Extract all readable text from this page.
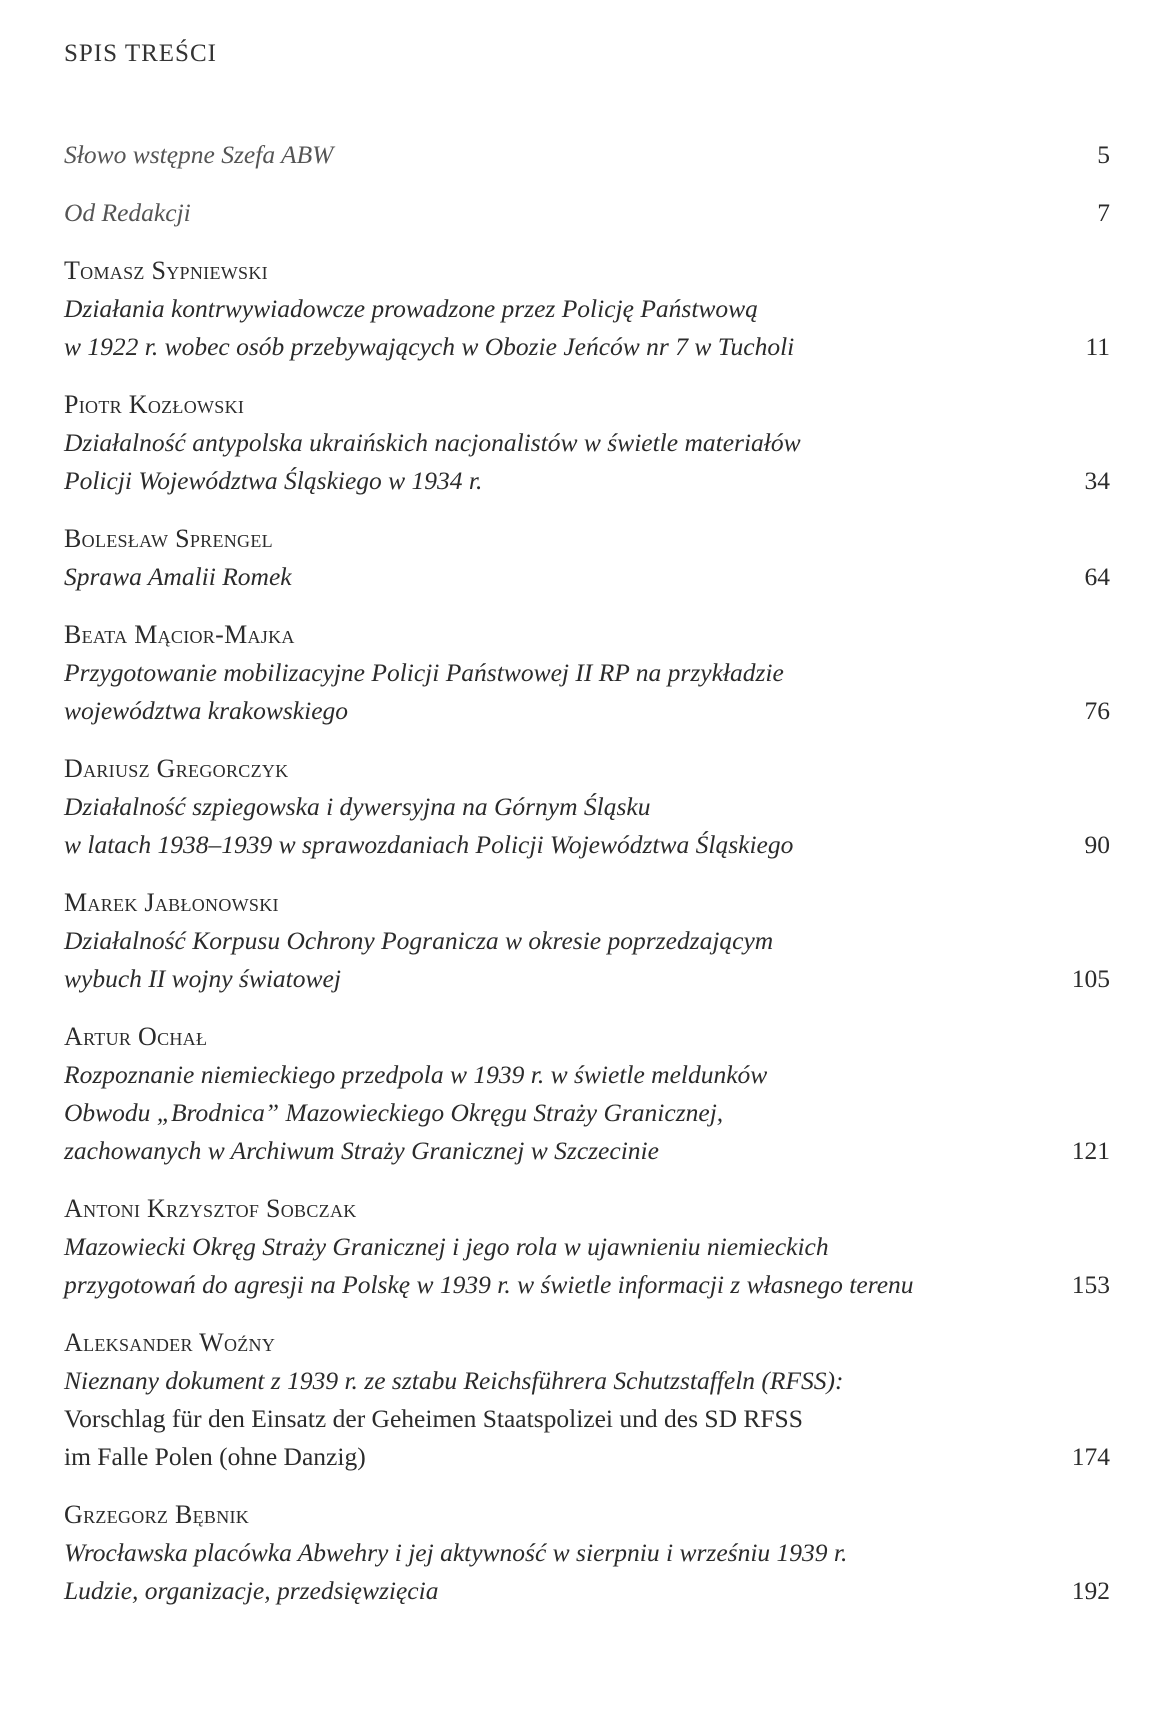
SPIS TREŚCI
Słowo wstępne Szefa ABW	5
Od Redakcji	7
Tomasz Sypniewski
Działania kontrwywiadowcze prowadzone przez Policję Państwową
w 1922 r. wobec osób przebywających w Obozie Jeńców nr 7 w Tucholi	11
Piotr Kozłowski
Działalność antypolska ukraińskich nacjonalistów w świetle materiałów
Policji Województwa Śląskiego w 1934 r.	34
Bolesław Sprengel
Sprawa Amalii Romek	64
Beata Mącior-Majka
Przygotowanie mobilizacyjne Policji Państwowej II RP na przykładzie
województwa krakowskiego	76
Dariusz Gregorczyk
Działalność szpiegowska i dywersyjna na Górnym Śląsku
w latach 1938–1939 w sprawozdaniach Policji Województwa Śląskiego	90
Marek Jabłonowski
Działalność Korpusu Ochrony Pogranicza w okresie poprzedzającym
wybuch II wojny światowej	105
Artur Ochał
Rozpoznanie niemieckiego przedpola w 1939 r. w świetle meldunków
Obwodu „Brodnica” Mazowieckiego Okręgu Straży Granicznej,
zachowanych w Archiwum Straży Granicznej w Szczecinie	121
Antoni Krzysztof Sobczak
Mazowiecki Okręg Straży Granicznej i jego rola w ujawnieniu niemieckich
przygotowań do agresji na Polskę w 1939 r. w świetle informacji z własnego terenu	153
Aleksander Woźny
Nieznany dokument z 1939 r. ze sztabu Reichsführera Schutzstaffeln (RFSS):
Vorschlag für den Einsatz der Geheimen Staatspolizei und des SD RFSS
im Falle Polen (ohne Danzig)	174
Grzegorz Bębnik
Wrocławska placówka Abwehry i jej aktywność w sierpniu i wrześniu 1939 r.
Ludzie, organizacje, przedsięwzięcia	192
